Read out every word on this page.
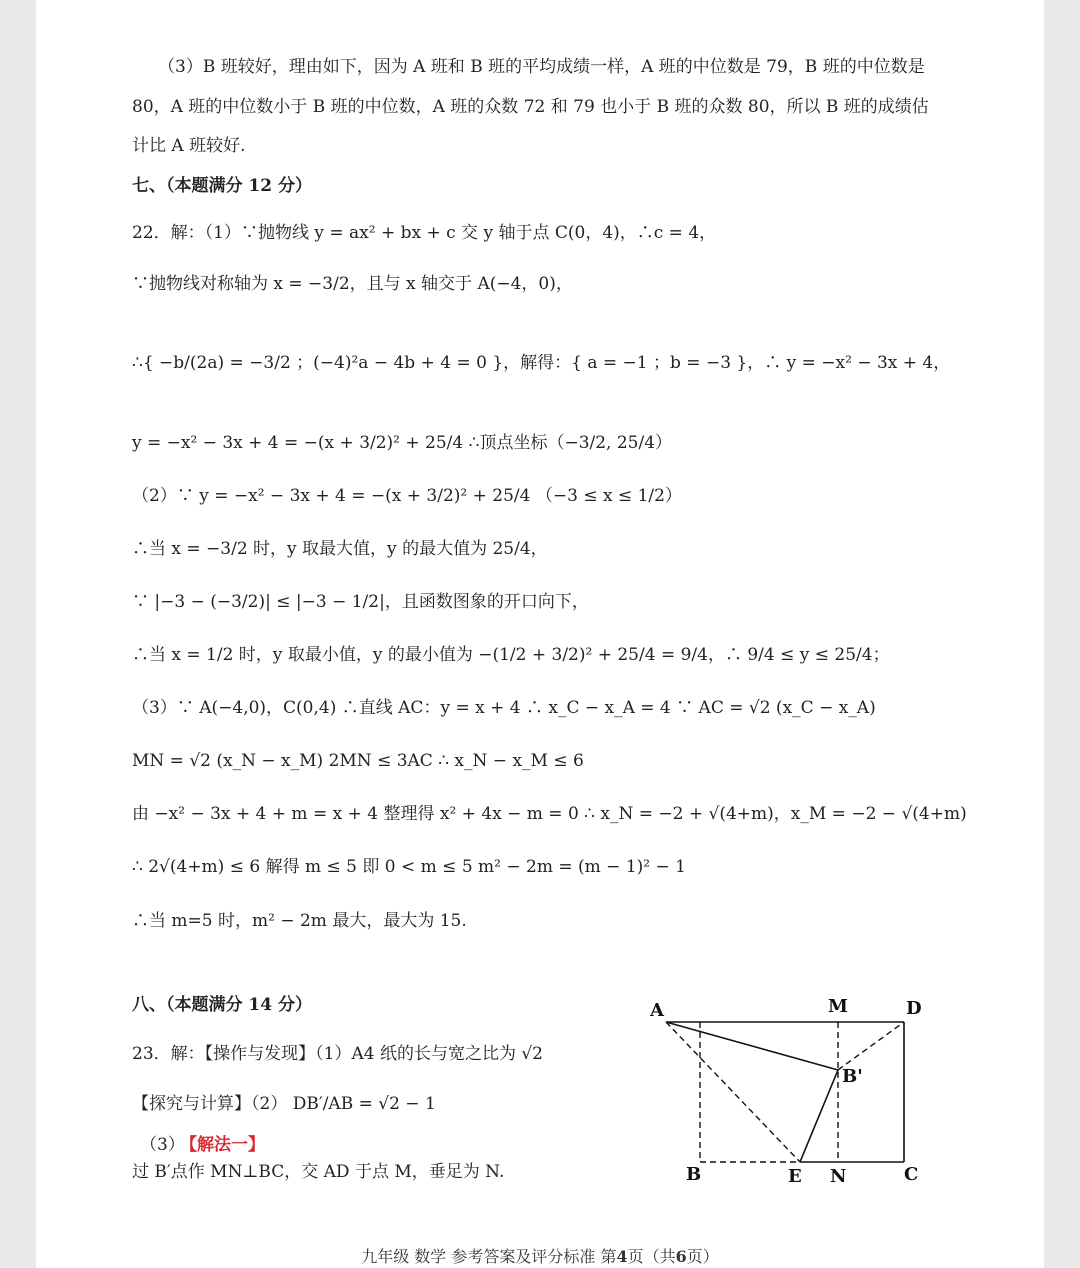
（3）B 班较好，理由如下，因为 A 班和 B 班的平均成绩一样，A 班的中位数是 79，B 班的中位数是
80，A 班的中位数小于 B 班的中位数，A 班的众数 72 和 79 也小于 B 班的众数 80，所以 B 班的成绩估
计比 A 班较好.
七、（本题满分 12 分）
22．解：（1）∵抛物线 y = ax² + bx + c 交 y 轴于点 C(0，4)，∴c = 4，
∵抛物线对称轴为 x = −3/2，且与 x 轴交于 A(−4，0)，
∴{ −b/(2a) = −3/2 ；(−4)²a − 4b + 4 = 0 }，解得：{ a = −1 ；b = −3 }，∴ y = −x² − 3x + 4，
y = −x² − 3x + 4 = −(x + 3/2)² + 25/4 ∴顶点坐标（−3/2, 25/4）
（2）∵ y = −x² − 3x + 4 = −(x + 3/2)² + 25/4 （−3 ≤ x ≤ 1/2）
∴当 x = −3/2 时，y 取最大值，y 的最大值为 25/4，
∵ |−3 − (−3/2)| ≤ |−3 − 1/2|，且函数图象的开口向下，
∴当 x = 1/2 时，y 取最小值，y 的最小值为 −(1/2 + 3/2)² + 25/4 = 9/4，∴ 9/4 ≤ y ≤ 25/4；
（3）∵ A(−4,0)，C(0,4) ∴直线 AC：y = x + 4 ∴ x_C − x_A = 4 ∵ AC = √2 (x_C − x_A)
MN = √2 (x_N − x_M) 2MN ≤ 3AC ∴ x_N − x_M ≤ 6
由 −x² − 3x + 4 + m = x + 4 整理得 x² + 4x − m = 0 ∴ x_N = −2 + √(4+m)，x_M = −2 − √(4+m)
∴ 2√(4+m) ≤ 6 解得 m ≤ 5 即 0 < m ≤ 5 m² − 2m = (m − 1)² − 1
∴当 m=5 时，m² − 2m 最大，最大为 15.
八、（本题满分 14 分）
23．解：【操作与发现】（1）A4 纸的长与宽之比为 √2
【探究与计算】（2） DB′/AB = √2 − 1
（3）
【解法一】
过 B′点作 MN⊥BC，交 AD 于点 M，垂足为 N.
A	M	D
B'
B	E N	C
九年级 数学 参考答案及评分标准 第4页（共6页）
